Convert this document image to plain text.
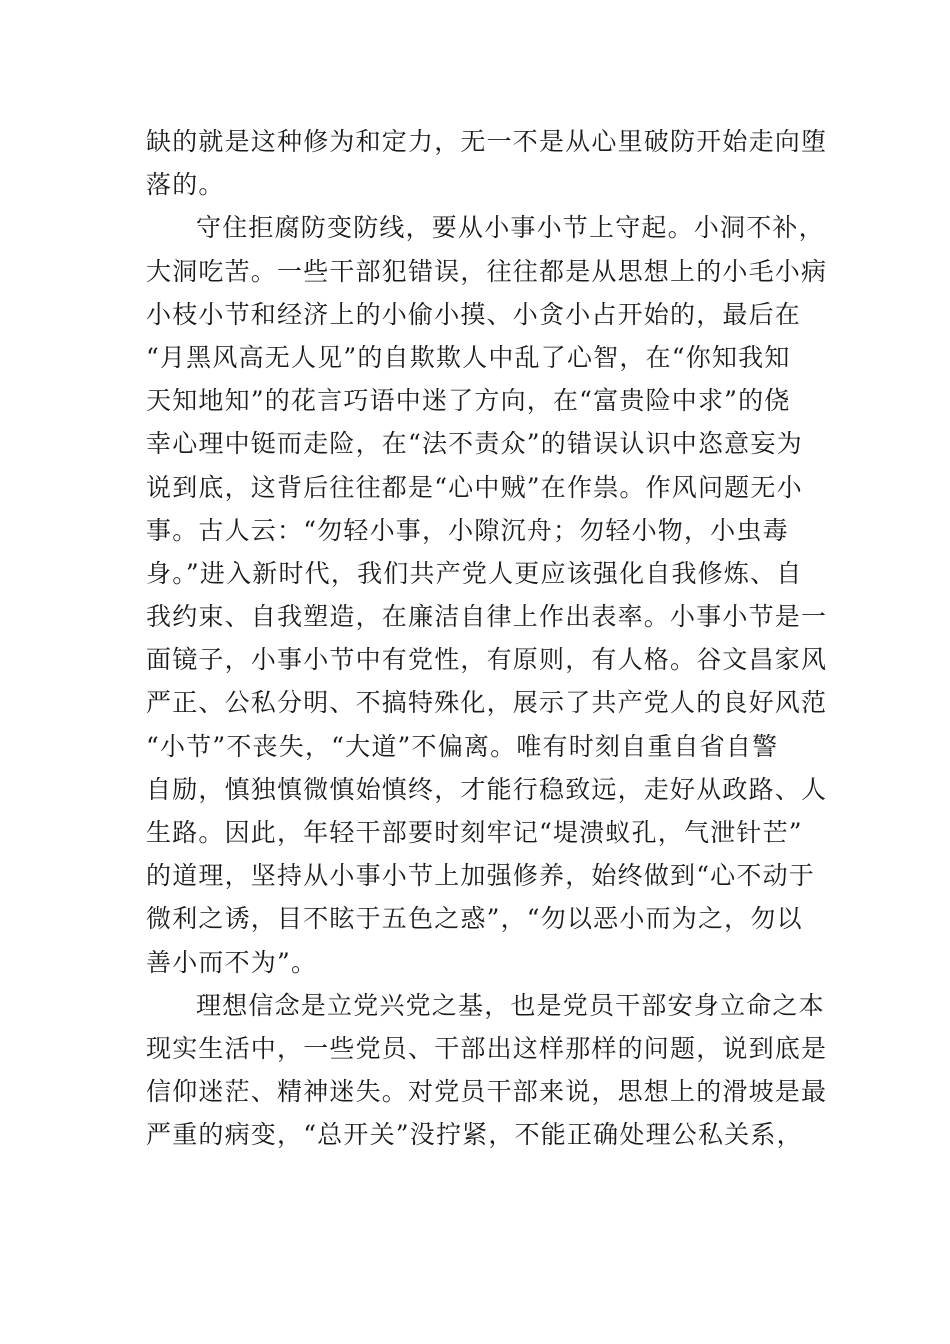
缺的就是这种修为和定力，无一不是从心里破防开始走向堕
落的。
守住拒腐防变防线，要从小事小节上守起。小洞不补，
大洞吃苦。一些干部犯错误，往往都是从思想上的小毛小病
小枝小节和经济上的小偷小摸、小贪小占开始的，最后在
“月黑风高无人见”的自欺欺人中乱了心智，在“你知我知
天知地知”的花言巧语中迷了方向，在“富贵险中求”的侥
幸心理中铤而走险，在“法不责众”的错误认识中恣意妄为
说到底，这背后往往都是“心中贼”在作祟。作风问题无小
事。古人云：“勿轻小事，小隙沉舟；勿轻小物，小虫毒
身。”进入新时代，我们共产党人更应该强化自我修炼、自
我约束、自我塑造，在廉洁自律上作出表率。小事小节是一
面镜子，小事小节中有党性，有原则，有人格。谷文昌家风
严正、公私分明、不搞特殊化，展示了共产党人的良好风范
“小节”不丧失，“大道”不偏离。唯有时刻自重自省自警
自励，慎独慎微慎始慎终，才能行稳致远，走好从政路、人
生路。因此，年轻干部要时刻牢记“堤溃蚁孔，气泄针芒”
的道理，坚持从小事小节上加强修养，始终做到“心不动于
微利之诱，目不眩于五色之惑”，“勿以恶小而为之，勿以
善小而不为”。
理想信念是立党兴党之基，也是党员干部安身立命之本
现实生活中，一些党员、干部出这样那样的问题，说到底是
信仰迷茫、精神迷失。对党员干部来说，思想上的滑坡是最
严重的病变，“总开关”没拧紧，不能正确处理公私关系，
